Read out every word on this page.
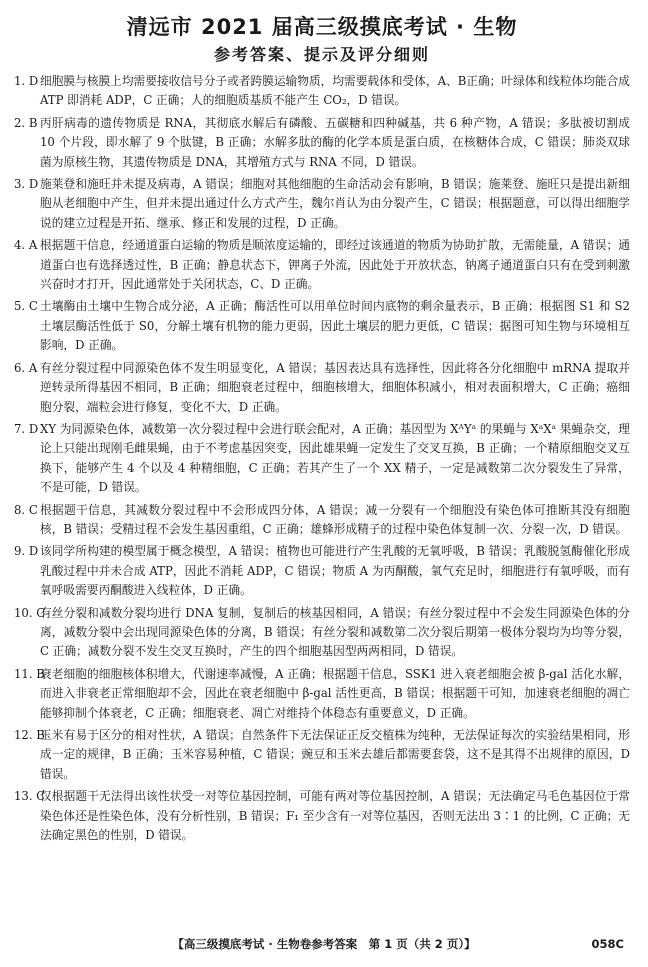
清远市 2021 届高三级摸底考试 · 生物
参考答案、提示及评分细则

1. D 细胞膜与核膜上均需要接收信号分子或者跨膜运输物质，均需要载体和受体，A、B正确；叶绿体和线粒体均能合成 ATP 即消耗 ADP，C 正确；人的细胞质基质不能产生 CO₂，D 错误。

2. B 丙肝病毒的遗传物质是 RNA，其彻底水解后有磷酸、五碳糖和四种碱基，共 6 种产物，A 错误；多肽被切割成 10 个片段，即水解了 9 个肽键，B 正确；水解多肽的酶的化学本质是蛋白质，在核糖体合成，C 错误；肺炎双球菌为原核生物，其遗传物质是 DNA，其增殖方式与 RNA 不同，D 错误。

3. D 施莱登和施旺并未提及病毒，A 错误；细胞对其他细胞的生命活动会有影响，B 错误；施莱登、施旺只是提出新细胞从老细胞中产生，但并未提出通过什么方式产生，魏尔肖认为由分裂产生，C 错误；根据题意，可以得出细胞学说的建立过程是开拓、继承、修正和发展的过程，D 正确。

4. A 根据题干信息，经通道蛋白运输的物质是顺浓度运输的，即经过该通道的物质为协助扩散，无需能量，A 错误；通道蛋白也有选择透过性，B 正确；静息状态下，钾离子外流，因此处于开放状态，钠离子通道蛋白只有在受到刺激兴奋时才打开，因此通常处于关闭状态，C、D 正确。

5. C 土壤酶由土壤中生物合成分泌，A 正确；酶活性可以用单位时间内底物的剩余量表示，B 正确；根据图 S1 和 S2 土壤层酶活性低于 S0，分解土壤有机物的能力更弱，因此土壤层的肥力更低，C 错误；据图可知生物与环境相互影响，D 正确。

6. A 有丝分裂过程中同源染色体不发生明显变化，A 错误；基因表达具有选择性，因此将各分化细胞中 mRNA 提取并逆转录所得基因不相同，B 正确；细胞衰老过程中，细胞核增大，细胞体积减小，相对表面积增大，C 正确；癌细胞分裂，端粒会进行修复，变化不大，D 正确。

7. D XY 为同源染色体，减数第一次分裂过程中会进行联会配对，A 正确；基因型为 XᴬYᵃ 的果蝇与 XᵃXᵃ 果蝇杂交，理论上只能出现刚毛雌果蝇，由于不考虑基因突变，因此雄果蝇一定发生了交叉互换，B 正确；一个精原细胞交叉互换下，能够产生 4 个以及 4 种精细胞，C 正确；若其产生了一个 XX 精子，一定是减数第二次分裂发生了异常，不是可能，D 错误。

8. C 根据题干信息，其减数分裂过程中不会形成四分体，A 错误；减一分裂有一个细胞没有染色体可推断其没有细胞核，B 错误；受精过程不会发生基因重组，C 正确；雄蜂形成精子的过程中染色体复制一次、分裂一次，D 错误。

9. D 该同学所构建的模型属于概念模型，A 错误；植物也可能进行产生乳酸的无氧呼吸，B 错误；乳酸脱氢酶催化形成乳酸过程中并未合成 ATP，因此不消耗 ADP，C 错误；物质 A 为丙酮酸，氧气充足时，细胞进行有氧呼吸，而有氧呼吸需要丙酮酸进入线粒体，D 正确。

10. C
有丝分裂和减数分裂均进行 DNA 复制，复制后的核基因相同，A 错误；有丝分裂过程中不会发生同源染色体的分离，减数分裂中会出现同源染色体的分离，B 错误；有丝分裂和减数第二次分裂后期第一极体分裂均为均等分裂，C 正确；减数分裂不发生交叉互换时，产生的四个细胞基因型两两相同，D 错误。

11. B
衰老细胞的细胞核体积增大，代谢速率减慢，A 正确；根据题干信息，SSK1 进入衰老细胞会被 β-gal 活化水解，而进入非衰老正常细胞却不会，因此在衰老细胞中 β-gal 活性更高，B 错误；根据题干可知，加速衰老细胞的凋亡能够抑制个体衰老，C 正确；细胞衰老、凋亡对维持个体稳态有重要意义，D 正确。

12. B
玉米有易于区分的相对性状，A 错误；自然条件下无法保证正反交植株为纯种，无法保证每次的实验结果相同，形成一定的规律，B 正确；玉米容易种植，C 错误；豌豆和玉米去雄后都需要套袋，这不是其得不出规律的原因，D 错误。

13. C
仅根据题干无法得出该性状受一对等位基因控制，可能有两对等位基因控制，A 错误；无法确定马毛色基因位于常染色体还是性染色体，没有分析性别，B 错误；F₁ 至少含有一对等位基因，否则无法出 3∶1 的比例，C 正确；无法确定黑色的性别，D 错误。

【高三级摸底考试 · 生物卷参考答案　第 1 页（共 2 页）】	058C
